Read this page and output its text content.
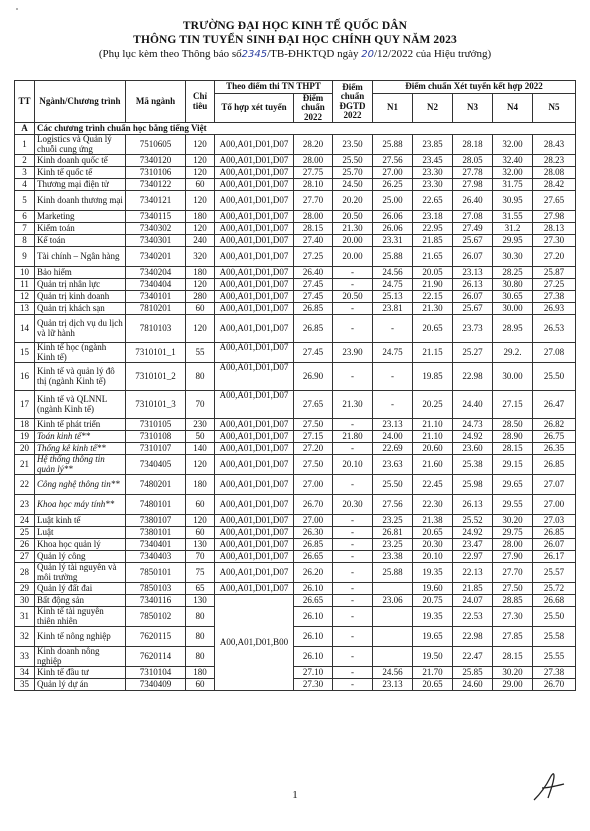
TRƯỜNG ĐẠI HỌC KINH TẾ QUỐC DÂN
THÔNG TIN TUYỂN SINH ĐẠI HỌC CHÍNH QUY NĂM 2023
(Phụ lục kèm theo Thông báo số2345/TB-ĐHKTQD ngày 20/12/2022 của Hiệu trưởng)
TT	Ngành/Chương trình	Mã ngành	Chỉ tiêu	Theo điểm thi TN THPT		Điểm chuẩn ĐGTD 2022	Điểm chuẩn Xét tuyển kết hợp 2022				
				Tổ hợp xét tuyển	Điểm chuẩn 2022		N1	N2	N3	N4	N5

A	Các chương trình chuẩn học bằng tiếng Việt										
1	Logistics và Quản lý chuỗi cung ứng	7510605	120	A00,A01,D01,D07	28.20	23.50	25.88	23.85	28.18	32.00	28.43
2	Kinh doanh quốc tế	7340120	120	A00,A01,D01,D07	28.00	25.50	27.56	23.45	28.05	32.40	28.23
3	Kinh tế quốc tế	7310106	120	A00,A01,D01,D07	27.75	25.70	27.00	23.30	27.78	32.00	28.08
4	Thương mại điện tử	7340122	60	A00,A01,D01,D07	28.10	24.50	26.25	23.30	27.98	31.75	28.42
5	Kinh doanh thương mại	7340121	120	A00,A01,D01,D07	27.70	20.20	25.00	22.65	26.40	30.95	27.65
6	Marketing	7340115	180	A00,A01,D01,D07	28.00	20.50	26.06	23.18	27.08	31.55	27.98
7	Kiểm toán	7340302	120	A00,A01,D01,D07	28.15	21.30	26.06	22.95	27.49	31.2	28.13
8	Kế toán	7340301	240	A00,A01,D01,D07	27.40	20.00	23.31	21.85	25.67	29.95	27.30
9	Tài chính – Ngân hàng	7340201	320	A00,A01,D01,D07	27.25	20.00	25.88	21.65	26.07	30.30	27.20
10	Bảo hiểm	7340204	180	A00,A01,D01,D07	26.40	-	24.56	20.05	23.13	28.25	25.87
11	Quản trị nhân lực	7340404	120	A00,A01,D01,D07	27.45	-	24.75	21.90	26.13	30.80	27.25
12	Quản trị kinh doanh	7340101	280	A00,A01,D01,D07	27.45	20.50	25.13	22.15	26.07	30.65	27.38
13	Quản trị khách sạn	7810201	60	A00,A01,D01,D07	26.85	-	23.81	21.30	25.67	30.00	26.93
14	Quản trị dịch vụ du lịch và lữ hành	7810103	120	A00,A01,D01,D07	26.85	-	-	20.65	23.73	28.95	26.53
15	Kinh tế học (ngành Kinh tế)	7310101_1	55	A00,A01,D01,D07	27.45	23.90	24.75	21.15	25.27	29.2.	27.08
16	Kinh tế và quản lý đô thị (ngành Kinh tế)	7310101_2	80	A00,A01,D01,D07	26.90	-	-	19.85	22.98	30.00	25.50
17	Kinh tế và QLNNL (ngành Kinh tế)	7310101_3	70	A00,A01,D01,D07	27.65	21.30	-	20.25	24.40	27.15	26.47
18	Kinh tế phát triển	7310105	230	A00,A01,D01,D07	27.50	-	23.13	21.10	24.73	28.50	26.82
19	Toán kinh tế**	7310108	50	A00,A01,D01,D07	27.15	21.80	24.00	21.10	24.92	28.90	26.75
20	Thống kê kinh tế**	7310107	140	A00,A01,D01,D07	27.20	-	22.69	20.60	23.60	28.15	26.35
21	Hệ thống thông tin quản lý**	7340405	120	A00,A01,D01,D07	27.50	20.10	23.63	21.60	25.38	29.15	26.85
22	Công nghệ thông tin**	7480201	180	A00,A01,D01,D07	27.00	-	25.50	22.45	25.98	29.65	27.07
23	Khoa học máy tính**	7480101	60	A00,A01,D01,D07	26.70	20.30	27.56	22.30	26.13	29.55	27.00
24	Luật kinh tế	7380107	120	A00,A01,D01,D07	27.00	-	23.25	21.38	25.52	30.20	27.03
25	Luật	7380101	60	A00,A01,D01,D07	26.30	-	26.81	20.65	24.92	29.75	26.85
26	Khoa học quản lý	7340401	130	A00,A01,D01,D07	26.85	-	23.25	20.30	23.47	28.00	26.07
27	Quản lý công	7340403	70	A00,A01,D01,D07	26.65	-	23.38	20.10	22.97	27.90	26.17
28	Quản lý tài nguyên và môi trường	7850101	75	A00,A01,D01,D07	26.20	-	25.88	19.35	22.13	27.70	25.57
29	Quản lý đất đai	7850103	65	A00,A01,D01,D07	26.10	-		19.60	21.85	27.50	25.72
30	Bất động sản	7340116	130	A00,A01,D01,B00	26.65	-	23.06	20.75	24.07	28.85	26.68
31	Kinh tế tài nguyên thiên nhiên	7850102	80		26.10	-		19.35	22.53	27.30	25.50
32	Kinh tế nông nghiệp	7620115	80		26.10	-		19.65	22.98	27.85	25.58
33	Kinh doanh nông nghiệp	7620114	80		26.10	-		19.50	22.47	28.15	25.55
34	Kinh tế đầu tư	7310104	180		27.10	-	24.56	21.70	25.85	30.20	27.38
35	Quản lý dự án	7340409	60		27.30	-	23.13	20.65	24.60	29.00	26.70
1
